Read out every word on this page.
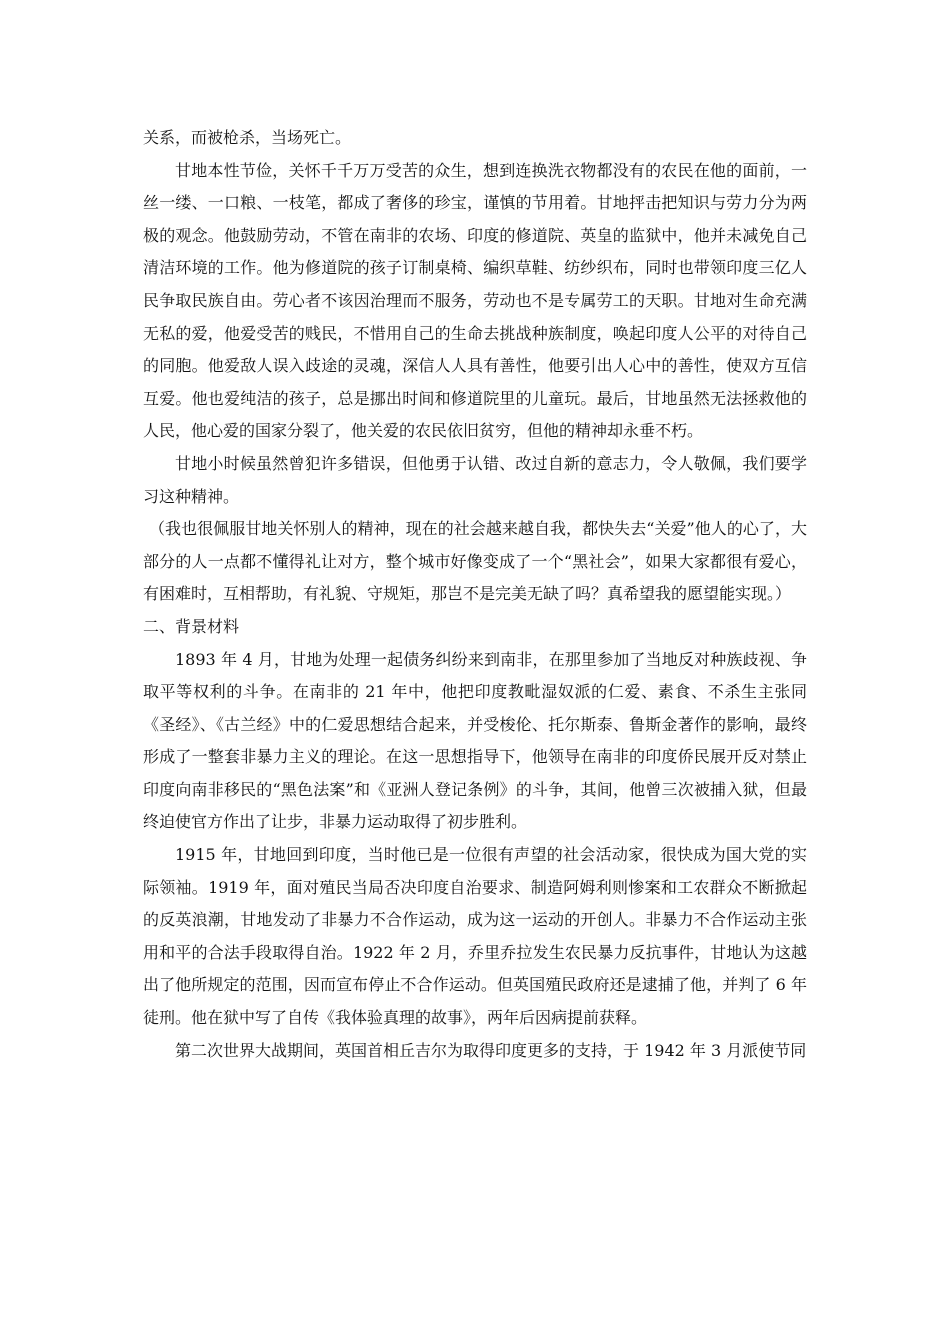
关系，而被枪杀，当场死亡。

甘地本性节俭，关怀千千万万受苦的众生，想到连换洗衣物都没有的农民在他的面前，一丝一缕、一口粮、一枝笔，都成了奢侈的珍宝，谨慎的节用着。甘地抨击把知识与劳力分为两极的观念。他鼓励劳动，不管在南非的农场、印度的修道院、英皇的监狱中，他并未减免自己清洁环境的工作。他为修道院的孩子订制桌椅、编织草鞋、纺纱织布，同时也带领印度三亿人民争取民族自由。劳心者不该因治理而不服务，劳动也不是专属劳工的天职。甘地对生命充满无私的爱，他爱受苦的贱民，不惜用自己的生命去挑战种族制度，唤起印度人公平的对待自己的同胞。他爱敌人误入歧途的灵魂，深信人人具有善性，他要引出人心中的善性，使双方互信互爱。他也爱纯洁的孩子，总是挪出时间和修道院里的儿童玩。最后，甘地虽然无法拯救他的人民，他心爱的国家分裂了，他关爱的农民依旧贫穷，但他的精神却永垂不朽。

甘地小时候虽然曾犯许多错误，但他勇于认错、改过自新的意志力，令人敬佩，我们要学习这种精神。

（我也很佩服甘地关怀别人的精神，现在的社会越来越自我，都快失去“关爱”他人的心了，大部分的人一点都不懂得礼让对方，整个城市好像变成了一个“黑社会”，如果大家都很有爱心，有困难时，互相帮助，有礼貌、守规矩，那岂不是完美无缺了吗？真希望我的愿望能实现。）

二、背景材料

1893 年 4 月，甘地为处理一起债务纠纷来到南非，在那里参加了当地反对种族歧视、争取平等权利的斗争。在南非的 21 年中，他把印度教毗湿奴派的仁爱、素食、不杀生主张同《圣经》、《古兰经》中的仁爱思想结合起来，并受梭伦、托尔斯泰、鲁斯金著作的影响，最终形成了一整套非暴力主义的理论。在这一思想指导下，他领导在南非的印度侨民展开反对禁止印度向南非移民的“黑色法案”和《亚洲人登记条例》的斗争，其间，他曾三次被捕入狱，但最终迫使官方作出了让步，非暴力运动取得了初步胜利。

1915 年，甘地回到印度，当时他已是一位很有声望的社会活动家，很快成为国大党的实际领袖。1919 年，面对殖民当局否决印度自治要求、制造阿姆利则惨案和工农群众不断掀起的反英浪潮，甘地发动了非暴力不合作运动，成为这一运动的开创人。非暴力不合作运动主张用和平的合法手段取得自治。1922 年 2 月，乔里乔拉发生农民暴力反抗事件，甘地认为这越出了他所规定的范围，因而宣布停止不合作运动。但英国殖民政府还是逮捕了他，并判了 6 年徒刑。他在狱中写了自传《我体验真理的故事》，两年后因病提前获释。

第二次世界大战期间，英国首相丘吉尔为取得印度更多的支持，于 1942 年 3 月派使节同
